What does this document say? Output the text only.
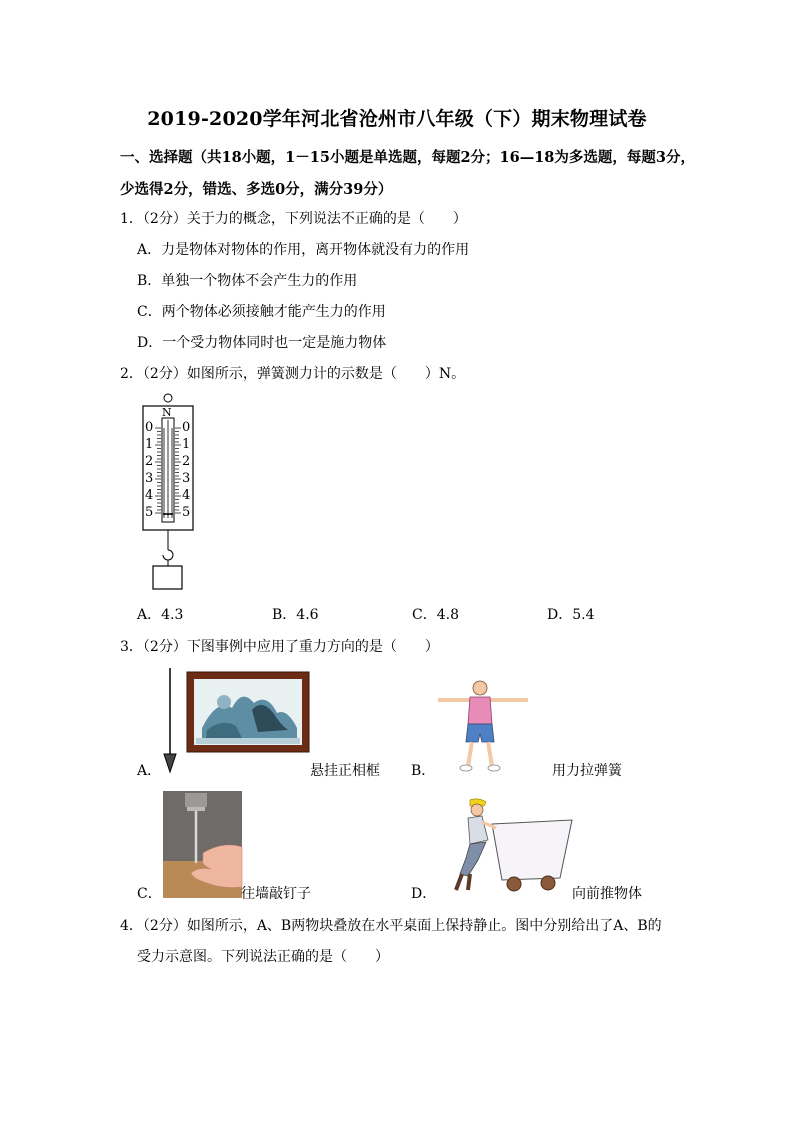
2019-2020学年河北省沧州市八年级（下）期末物理试卷
一、选择题（共18小题，1－15小题是单选题，每题2分；16—18为多选题，每题3分，
少选得2分，错选、多选0分，满分39分）
1．（2分）关于力的概念，下列说法不正确的是（　　）
A．力是物体对物体的作用，离开物体就没有力的作用
B．单独一个物体不会产生力的作用
C．两个物体必须接触才能产生力的作用
D．一个受力物体同时也一定是施力物体
2．（2分）如图所示，弹簧测力计的示数是（　　）N。
N
0
1
2
3
4
5
0
1
2
3
4
5
A．4.3	B．4.6	C．4.8	D．5.4
3．（2分）下图事例中应用了重力方向的是（　　）
A．	悬挂正相框 B．	用力拉弹簧
C．	往墙敲钉子	D．	向前推物体
4．（2分）如图所示，A、B两物块叠放在水平桌面上保持静止。图中分别给出了A、B的
受力示意图。下列说法正确的是（　　）
